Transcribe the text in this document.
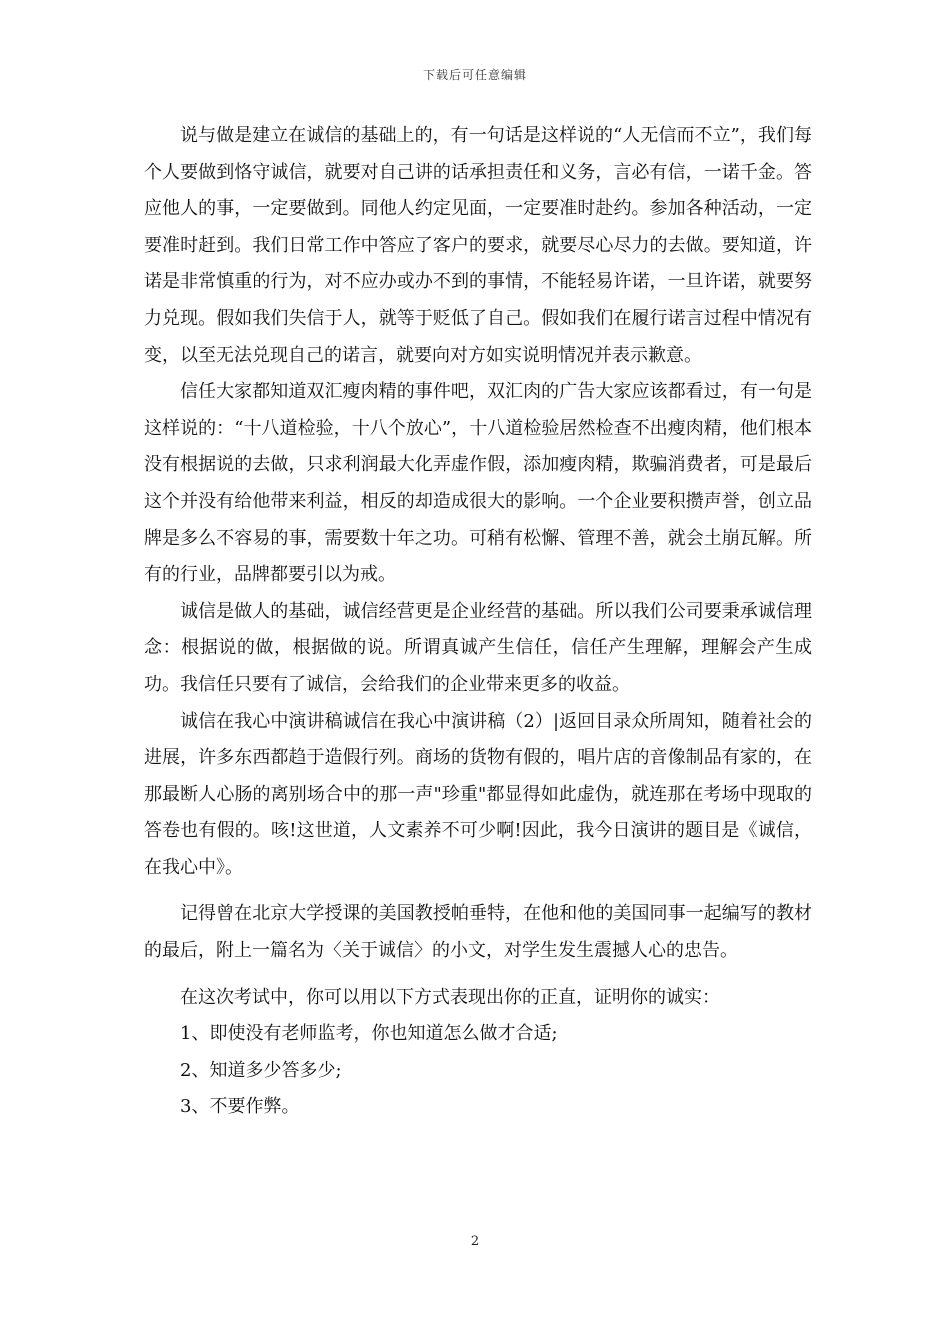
下载后可任意编辑

说与做是建立在诚信的基础上的，有一句话是这样说的“人无信而不立”，我们每个人要做到恪守诚信，就要对自己讲的话承担责任和义务，言必有信，一诺千金。答应他人的事，一定要做到。同他人约定见面，一定要准时赴约。参加各种活动，一定要准时赶到。我们日常工作中答应了客户的要求，就要尽心尽力的去做。要知道，许诺是非常慎重的行为，对不应办或办不到的事情，不能轻易许诺，一旦许诺，就要努力兑现。假如我们失信于人，就等于贬低了自己。假如我们在履行诺言过程中情况有变，以至无法兑现自己的诺言，就要向对方如实说明情况并表示歉意。

信任大家都知道双汇瘦肉精的事件吧，双汇肉的广告大家应该都看过，有一句是这样说的：“十八道检验，十八个放心”，十八道检验居然检查不出瘦肉精，他们根本没有根据说的去做，只求利润最大化弄虚作假，添加瘦肉精，欺骗消费者，可是最后这个并没有给他带来利益，相反的却造成很大的影响。一个企业要积攒声誉，创立品牌是多么不容易的事，需要数十年之功。可稍有松懈、管理不善，就会土崩瓦解。所有的行业，品牌都要引以为戒。

诚信是做人的基础，诚信经营更是企业经营的基础。所以我们公司要秉承诚信理念：根据说的做，根据做的说。所谓真诚产生信任，信任产生理解，理解会产生成功。我信任只要有了诚信，会给我们的企业带来更多的收益。

诚信在我心中演讲稿诚信在我心中演讲稿（2）|返回目录众所周知，随着社会的进展，许多东西都趋于造假行列。商场的货物有假的，唱片店的音像制品有家的，在那最断人心肠的离别场合中的那一声"珍重"都显得如此虚伪，就连那在考场中现取的答卷也有假的。咳!这世道，人文素养不可少啊!因此，我今日演讲的题目是《诚信，在我心中》。

记得曾在北京大学授课的美国教授帕垂特，在他和他的美国同事一起编写的教材的最后，附上一篇名为〈关于诚信〉的小文，对学生发生震撼人心的忠告。

在这次考试中，你可以用以下方式表现出你的正直，证明你的诚实：

1、即使没有老师监考，你也知道怎么做才合适;

2、知道多少答多少;

3、不要作弊。

2
